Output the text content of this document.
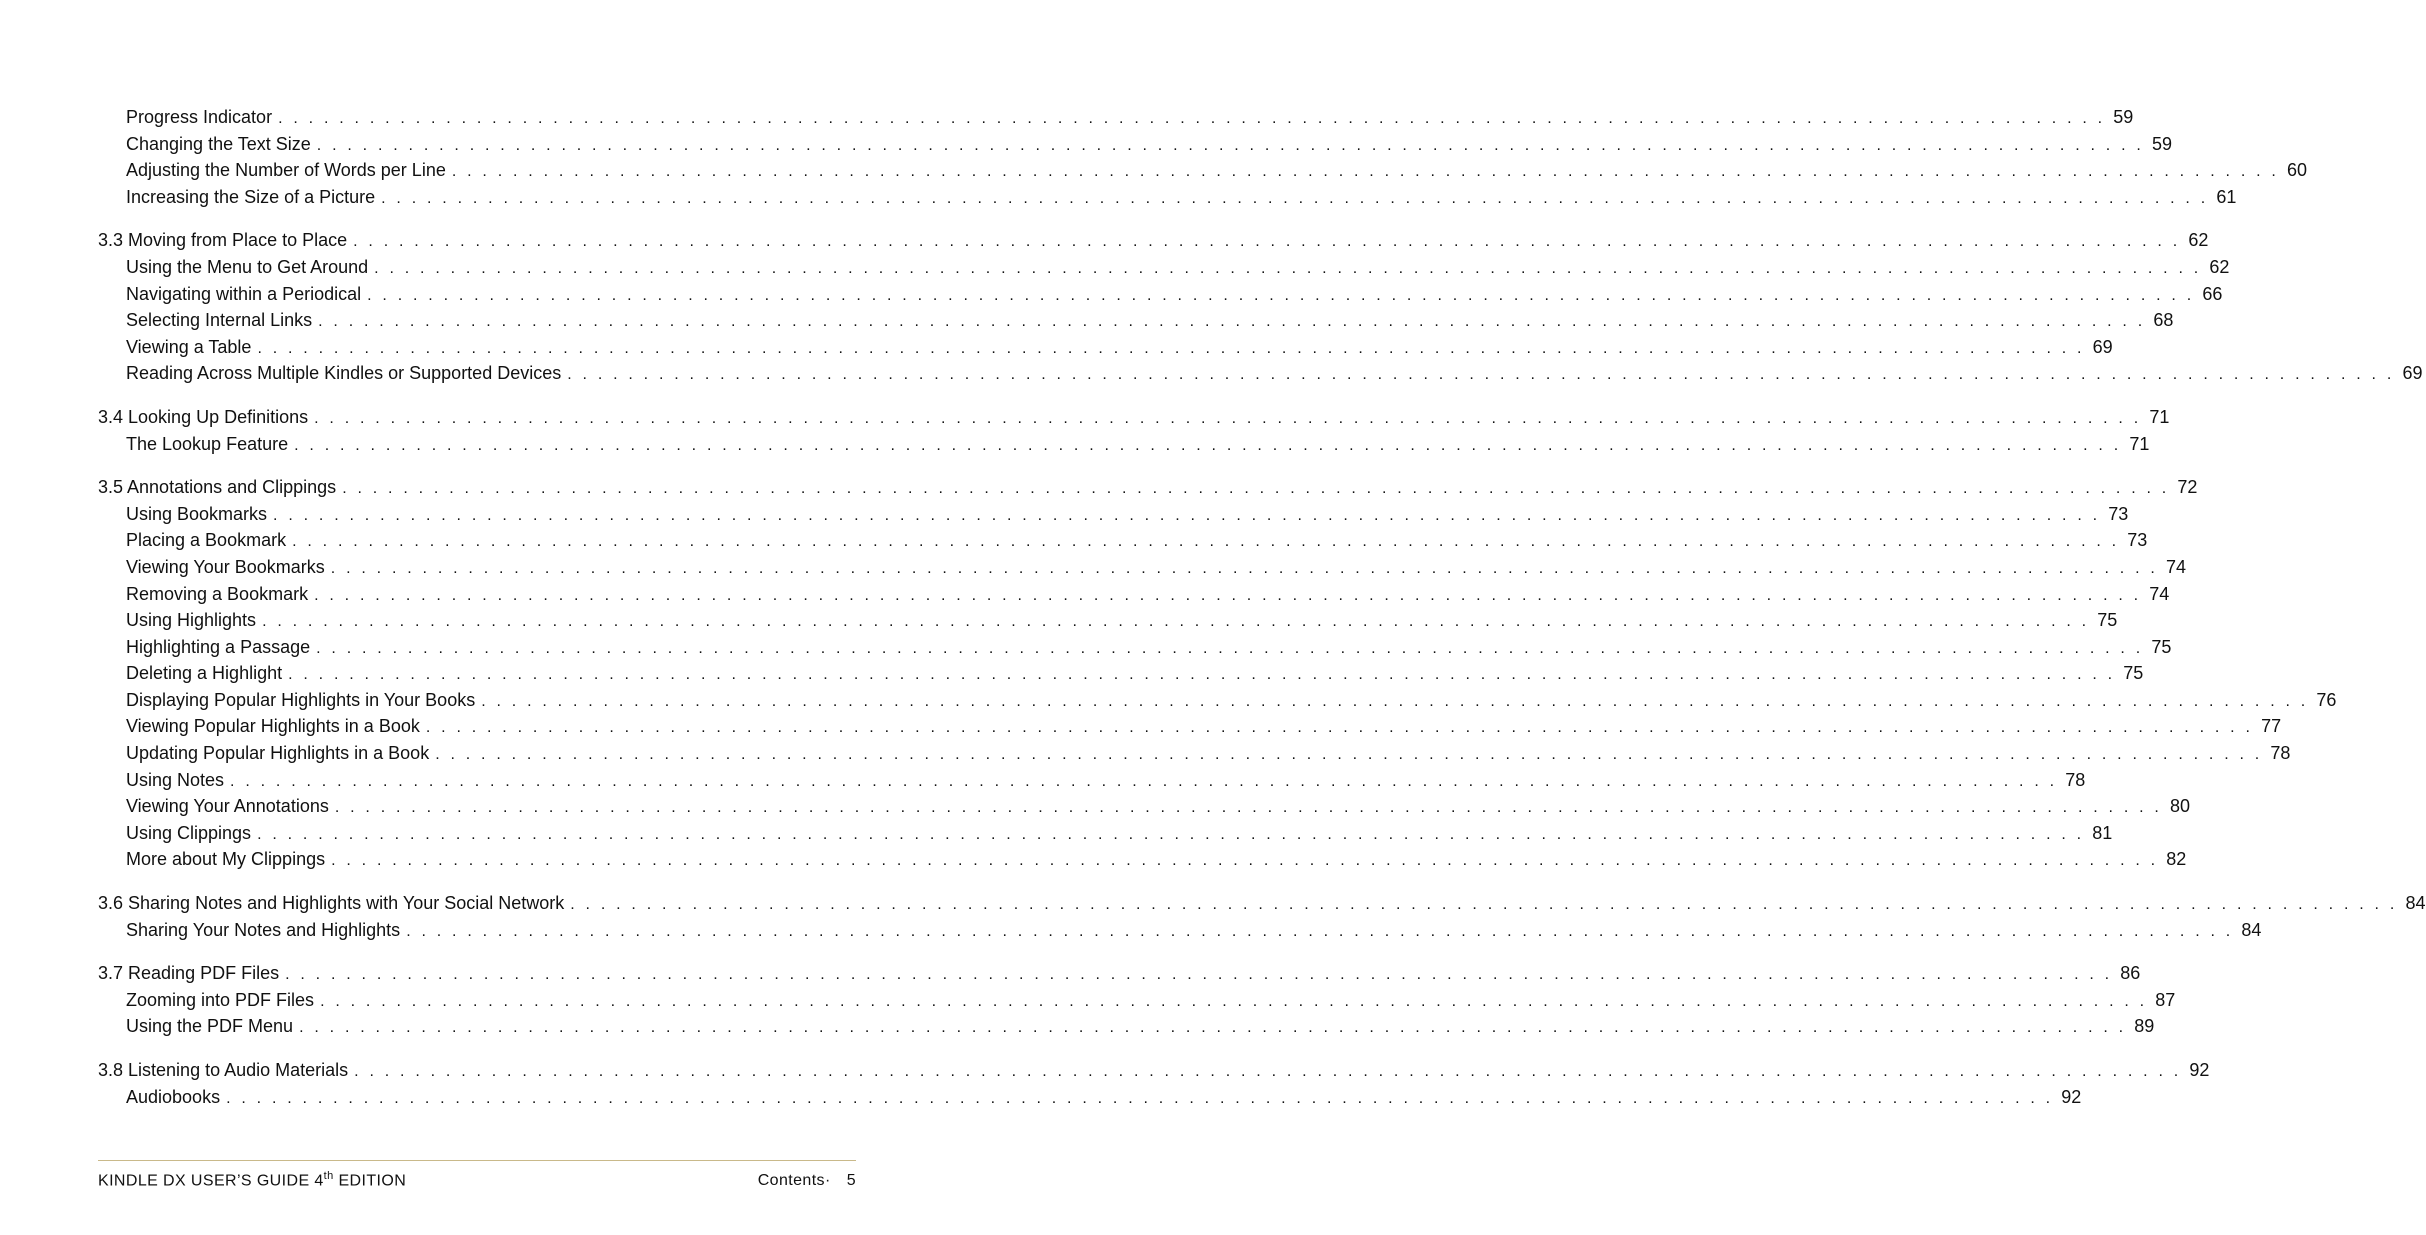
Progress Indicator . . . . . . . . . . . . . . . . . . . . . . . . . . . . . . . . . . . . . . . . . . . . . . . . . . . . . . . . . . . . . . . . . . . . . . . . . . . . . . . . . . . . . . . . . . . . . . . . . . . . . . . . . . . . . . . . . . . . . . . . 59
Changing the Text Size . . . . . . . . . . . . . . . . . . . . . . . . . . . . . . . . . . . . . . . . . . . . . . . . . . . . . . . . . . . . . . . . . . . . . . . . . . . . . . . . . . . . . . . . . . . . . . . . . . . . . . . . . . . . . . . . . . . . . . . . 59
Adjusting the Number of Words per Line . . . . . . . . . . . . . . . . . . . . . . . . . . . . . . . . . . . . . . . . . . . . . . . . . . . . . . . . . . . . . . . . . . . . . . . . . . . . . . . . . . . . . . . . . . . . . . . . . . . . . . . . . . . . . . . . . . . . . . . . 60
Increasing the Size of a Picture . . . . . . . . . . . . . . . . . . . . . . . . . . . . . . . . . . . . . . . . . . . . . . . . . . . . . . . . . . . . . . . . . . . . . . . . . . . . . . . . . . . . . . . . . . . . . . . . . . . . . . . . . . . . . . . . . . . . . . . . 61
3.3 Moving from Place to Place . . . . . . . . . . . . . . . . . . . . . . . . . . . . . . . . . . . . . . . . . . . . . . . . . . . . . . . . . . . . . . . . . . . . . . . . . . . . . . . . . . . . . . . . . . . . . . . . . . . . . . . . . . . . . . . . . . . . . . . . 62
Using the Menu to Get Around . . . . . . . . . . . . . . . . . . . . . . . . . . . . . . . . . . . . . . . . . . . . . . . . . . . . . . . . . . . . . . . . . . . . . . . . . . . . . . . . . . . . . . . . . . . . . . . . . . . . . . . . . . . . . . . . . . . . . . . . 62
Navigating within a Periodical . . . . . . . . . . . . . . . . . . . . . . . . . . . . . . . . . . . . . . . . . . . . . . . . . . . . . . . . . . . . . . . . . . . . . . . . . . . . . . . . . . . . . . . . . . . . . . . . . . . . . . . . . . . . . . . . . . . . . . . . 66
Selecting Internal Links . . . . . . . . . . . . . . . . . . . . . . . . . . . . . . . . . . . . . . . . . . . . . . . . . . . . . . . . . . . . . . . . . . . . . . . . . . . . . . . . . . . . . . . . . . . . . . . . . . . . . . . . . . . . . . . . . . . . . . . . 68
Viewing a Table . . . . . . . . . . . . . . . . . . . . . . . . . . . . . . . . . . . . . . . . . . . . . . . . . . . . . . . . . . . . . . . . . . . . . . . . . . . . . . . . . . . . . . . . . . . . . . . . . . . . . . . . . . . . . . . . . . . . . . . . 69
Reading Across Multiple Kindles or Supported Devices . . . . . . . . . . . . . . . . . . . . . . . . . . . . . . . . . . . . . . . . . . . . . . . . . . . . . . . . . . . . . . . . . . . . . . . . . . . . . . . . . . . . . . . . . . . . . . . . . . . . . . . . . . . . . . . . . . . . . . . . 69
3.4 Looking Up Definitions . . . . . . . . . . . . . . . . . . . . . . . . . . . . . . . . . . . . . . . . . . . . . . . . . . . . . . . . . . . . . . . . . . . . . . . . . . . . . . . . . . . . . . . . . . . . . . . . . . . . . . . . . . . . . . . . . . . . . . . . 71
The Lookup Feature . . . . . . . . . . . . . . . . . . . . . . . . . . . . . . . . . . . . . . . . . . . . . . . . . . . . . . . . . . . . . . . . . . . . . . . . . . . . . . . . . . . . . . . . . . . . . . . . . . . . . . . . . . . . . . . . . . . . . . . . 71
3.5 Annotations and Clippings . . . . . . . . . . . . . . . . . . . . . . . . . . . . . . . . . . . . . . . . . . . . . . . . . . . . . . . . . . . . . . . . . . . . . . . . . . . . . . . . . . . . . . . . . . . . . . . . . . . . . . . . . . . . . . . . . . . . . . . . 72
Using Bookmarks . . . . . . . . . . . . . . . . . . . . . . . . . . . . . . . . . . . . . . . . . . . . . . . . . . . . . . . . . . . . . . . . . . . . . . . . . . . . . . . . . . . . . . . . . . . . . . . . . . . . . . . . . . . . . . . . . . . . . . . . 73
Placing a Bookmark . . . . . . . . . . . . . . . . . . . . . . . . . . . . . . . . . . . . . . . . . . . . . . . . . . . . . . . . . . . . . . . . . . . . . . . . . . . . . . . . . . . . . . . . . . . . . . . . . . . . . . . . . . . . . . . . . . . . . . . . 73
Viewing Your Bookmarks . . . . . . . . . . . . . . . . . . . . . . . . . . . . . . . . . . . . . . . . . . . . . . . . . . . . . . . . . . . . . . . . . . . . . . . . . . . . . . . . . . . . . . . . . . . . . . . . . . . . . . . . . . . . . . . . . . . . . . . . 74
Removing a Bookmark . . . . . . . . . . . . . . . . . . . . . . . . . . . . . . . . . . . . . . . . . . . . . . . . . . . . . . . . . . . . . . . . . . . . . . . . . . . . . . . . . . . . . . . . . . . . . . . . . . . . . . . . . . . . . . . . . . . . . . . . 74
Using Highlights . . . . . . . . . . . . . . . . . . . . . . . . . . . . . . . . . . . . . . . . . . . . . . . . . . . . . . . . . . . . . . . . . . . . . . . . . . . . . . . . . . . . . . . . . . . . . . . . . . . . . . . . . . . . . . . . . . . . . . . . 75
Highlighting a Passage . . . . . . . . . . . . . . . . . . . . . . . . . . . . . . . . . . . . . . . . . . . . . . . . . . . . . . . . . . . . . . . . . . . . . . . . . . . . . . . . . . . . . . . . . . . . . . . . . . . . . . . . . . . . . . . . . . . . . . . . 75
Deleting a Highlight . . . . . . . . . . . . . . . . . . . . . . . . . . . . . . . . . . . . . . . . . . . . . . . . . . . . . . . . . . . . . . . . . . . . . . . . . . . . . . . . . . . . . . . . . . . . . . . . . . . . . . . . . . . . . . . . . . . . . . . . 75
Displaying Popular Highlights in Your Books . . . . . . . . . . . . . . . . . . . . . . . . . . . . . . . . . . . . . . . . . . . . . . . . . . . . . . . . . . . . . . . . . . . . . . . . . . . . . . . . . . . . . . . . . . . . . . . . . . . . . . . . . . . . . . . . . . . . . . . . 76
Viewing Popular Highlights in a Book . . . . . . . . . . . . . . . . . . . . . . . . . . . . . . . . . . . . . . . . . . . . . . . . . . . . . . . . . . . . . . . . . . . . . . . . . . . . . . . . . . . . . . . . . . . . . . . . . . . . . . . . . . . . . . . . . . . . . . . . 77
Updating Popular Highlights in a Book . . . . . . . . . . . . . . . . . . . . . . . . . . . . . . . . . . . . . . . . . . . . . . . . . . . . . . . . . . . . . . . . . . . . . . . . . . . . . . . . . . . . . . . . . . . . . . . . . . . . . . . . . . . . . . . . . . . . . . . . 78
Using Notes . . . . . . . . . . . . . . . . . . . . . . . . . . . . . . . . . . . . . . . . . . . . . . . . . . . . . . . . . . . . . . . . . . . . . . . . . . . . . . . . . . . . . . . . . . . . . . . . . . . . . . . . . . . . . . . . . . . . . . . . 78
Viewing Your Annotations . . . . . . . . . . . . . . . . . . . . . . . . . . . . . . . . . . . . . . . . . . . . . . . . . . . . . . . . . . . . . . . . . . . . . . . . . . . . . . . . . . . . . . . . . . . . . . . . . . . . . . . . . . . . . . . . . . . . . . . . 80
Using Clippings . . . . . . . . . . . . . . . . . . . . . . . . . . . . . . . . . . . . . . . . . . . . . . . . . . . . . . . . . . . . . . . . . . . . . . . . . . . . . . . . . . . . . . . . . . . . . . . . . . . . . . . . . . . . . . . . . . . . . . . . 81
More about My Clippings . . . . . . . . . . . . . . . . . . . . . . . . . . . . . . . . . . . . . . . . . . . . . . . . . . . . . . . . . . . . . . . . . . . . . . . . . . . . . . . . . . . . . . . . . . . . . . . . . . . . . . . . . . . . . . . . . . . . . . . . 82
3.6 Sharing Notes and Highlights with Your Social Network . . . . . . . . . . . . . . . . . . . . . . . . . . . . . . . . . . . . . . . . . . . . . . . . . . . . . . . . . . . . . . . . . . . . . . . . . . . . . . . . . . . . . . . . . . . . . . . . . . . . . . . . . . . . . . . . . . . . . . . . 84
Sharing Your Notes and Highlights . . . . . . . . . . . . . . . . . . . . . . . . . . . . . . . . . . . . . . . . . . . . . . . . . . . . . . . . . . . . . . . . . . . . . . . . . . . . . . . . . . . . . . . . . . . . . . . . . . . . . . . . . . . . . . . . . . . . . . . . 84
3.7 Reading PDF Files . . . . . . . . . . . . . . . . . . . . . . . . . . . . . . . . . . . . . . . . . . . . . . . . . . . . . . . . . . . . . . . . . . . . . . . . . . . . . . . . . . . . . . . . . . . . . . . . . . . . . . . . . . . . . . . . . . . . . . . . 86
Zooming into PDF Files . . . . . . . . . . . . . . . . . . . . . . . . . . . . . . . . . . . . . . . . . . . . . . . . . . . . . . . . . . . . . . . . . . . . . . . . . . . . . . . . . . . . . . . . . . . . . . . . . . . . . . . . . . . . . . . . . . . . . . . . 87
Using the PDF Menu . . . . . . . . . . . . . . . . . . . . . . . . . . . . . . . . . . . . . . . . . . . . . . . . . . . . . . . . . . . . . . . . . . . . . . . . . . . . . . . . . . . . . . . . . . . . . . . . . . . . . . . . . . . . . . . . . . . . . . . . 89
3.8 Listening to Audio Materials . . . . . . . . . . . . . . . . . . . . . . . . . . . . . . . . . . . . . . . . . . . . . . . . . . . . . . . . . . . . . . . . . . . . . . . . . . . . . . . . . . . . . . . . . . . . . . . . . . . . . . . . . . . . . . . . . . . . . . . . 92
Audiobooks . . . . . . . . . . . . . . . . . . . . . . . . . . . . . . . . . . . . . . . . . . . . . . . . . . . . . . . . . . . . . . . . . . . . . . . . . . . . . . . . . . . . . . . . . . . . . . . . . . . . . . . . . . . . . . . . . . . . . . . . 92
KINDLE DX USER’S GUIDE 4th EDITION	Contents· 5
